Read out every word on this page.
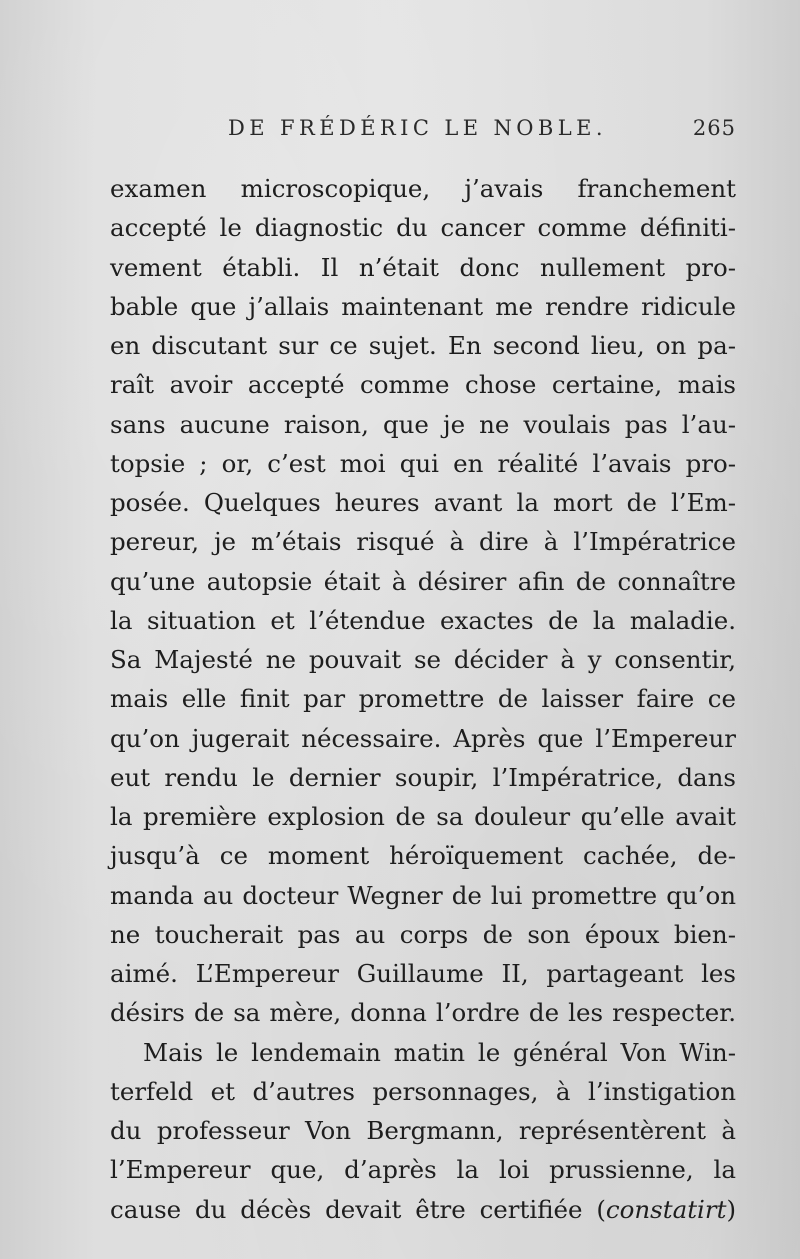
DE FRÉDÉRIC LE NOBLE.	265
examen microscopique, j’avais franchement
accepté le diagnostic du cancer comme définiti-
vement établi. Il n’était donc nullement pro-
bable que j’allais maintenant me rendre ridicule
en discutant sur ce sujet. En second lieu, on pa-
raît avoir accepté comme chose certaine, mais
sans aucune raison, que je ne voulais pas l’au-
topsie ; or, c’est moi qui en réalité l’avais pro-
posée. Quelques heures avant la mort de l’Em-
pereur, je m’étais risqué à dire à l’Impératrice
qu’une autopsie était à désirer afin de connaître
la situation et l’étendue exactes de la maladie.
Sa Majesté ne pouvait se décider à y consentir,
mais elle finit par promettre de laisser faire ce
qu’on jugerait nécessaire. Après que l’Empereur
eut rendu le dernier soupir, l’Impératrice, dans
la première explosion de sa douleur qu’elle avait
jusqu’à ce moment héroïquement cachée, de-
manda au docteur Wegner de lui promettre qu’on
ne toucherait pas au corps de son époux bien-
aimé. L’Empereur Guillaume II, partageant les
désirs de sa mère, donna l’ordre de les respecter.
Mais le lendemain matin le général Von Win-
terfeld et d’autres personnages, à l’instigation
du professeur Von Bergmann, représentèrent à
l’Empereur que, d’après la loi prussienne, la
cause du décès devait être certifiée (constatirt)
